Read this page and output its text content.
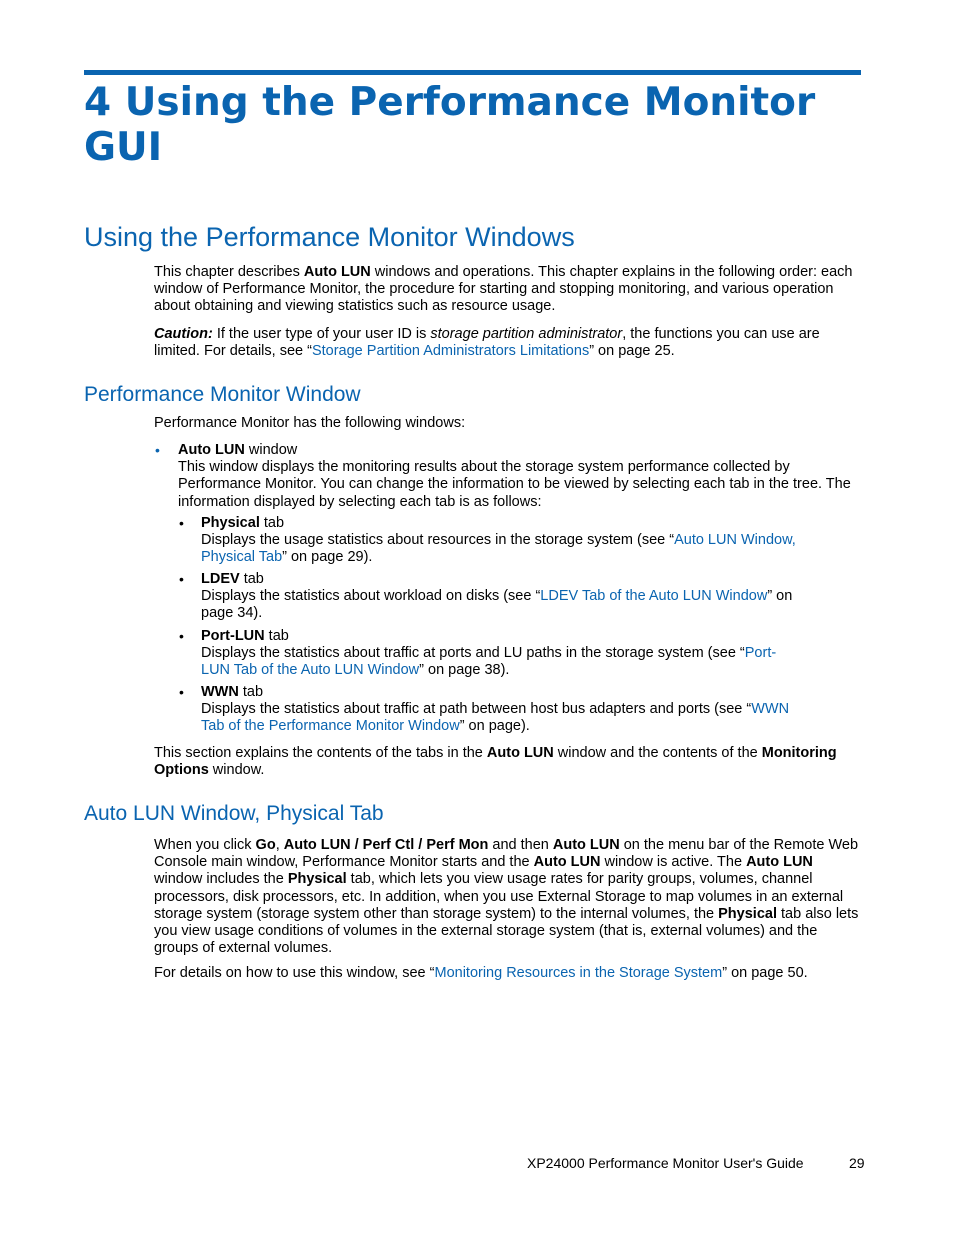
4 Using the Performance Monitor GUI
Using the Performance Monitor Windows

This chapter describes Auto LUN windows and operations. This chapter explains in the following order: each window of Performance Monitor, the procedure for starting and stopping monitoring, and various operation about obtaining and viewing statistics such as resource usage.

Caution: If the user type of your user ID is storage partition administrator, the functions you can use are limited. For details, see “Storage Partition Administrators Limitations” on page 25.

Performance Monitor Window
Performance Monitor has the following windows:
• Auto LUN window

This window displays the monitoring results about the storage system performance collected by Performance Monitor. You can change the information to be viewed by selecting each tab in the tree. The information displayed by selecting each tab is as follows:

• Physical tab

Displays the usage statistics about resources in the storage system (see “Auto LUN Window, Physical Tab” on page 29).

• LDEV tab

Displays the statistics about workload on disks (see “LDEV Tab of the Auto LUN Window” on page 34).

• Port-LUN tab

Displays the statistics about traffic at ports and LU paths in the storage system (see “Port-LUN Tab of the Auto LUN Window” on page 38).

• WWN tab

Displays the statistics about traffic at path between host bus adapters and ports (see “WWN Tab of the Performance Monitor Window” on page).

This section explains the contents of the tabs in the Auto LUN window and the contents of the Monitoring Options window.
Auto LUN Window, Physical Tab

When you click Go, Auto LUN / Perf Ctl / Perf Mon and then Auto LUN on the menu bar of the Remote Web Console main window, Performance Monitor starts and the Auto LUN window is active. The Auto LUN window includes the Physical tab, which lets you view usage rates for parity groups, volumes, channel processors, disk processors, etc. In addition, when you use External Storage to map volumes in an external storage system (storage system other than storage system) to the internal volumes, the Physical tab also lets you view usage conditions of volumes in the external storage system (that is, external volumes) and the groups of external volumes.

For details on how to use this window, see “Monitoring Resources in the Storage System” on page 50.

XP24000 Performance Monitor User's Guide	29
